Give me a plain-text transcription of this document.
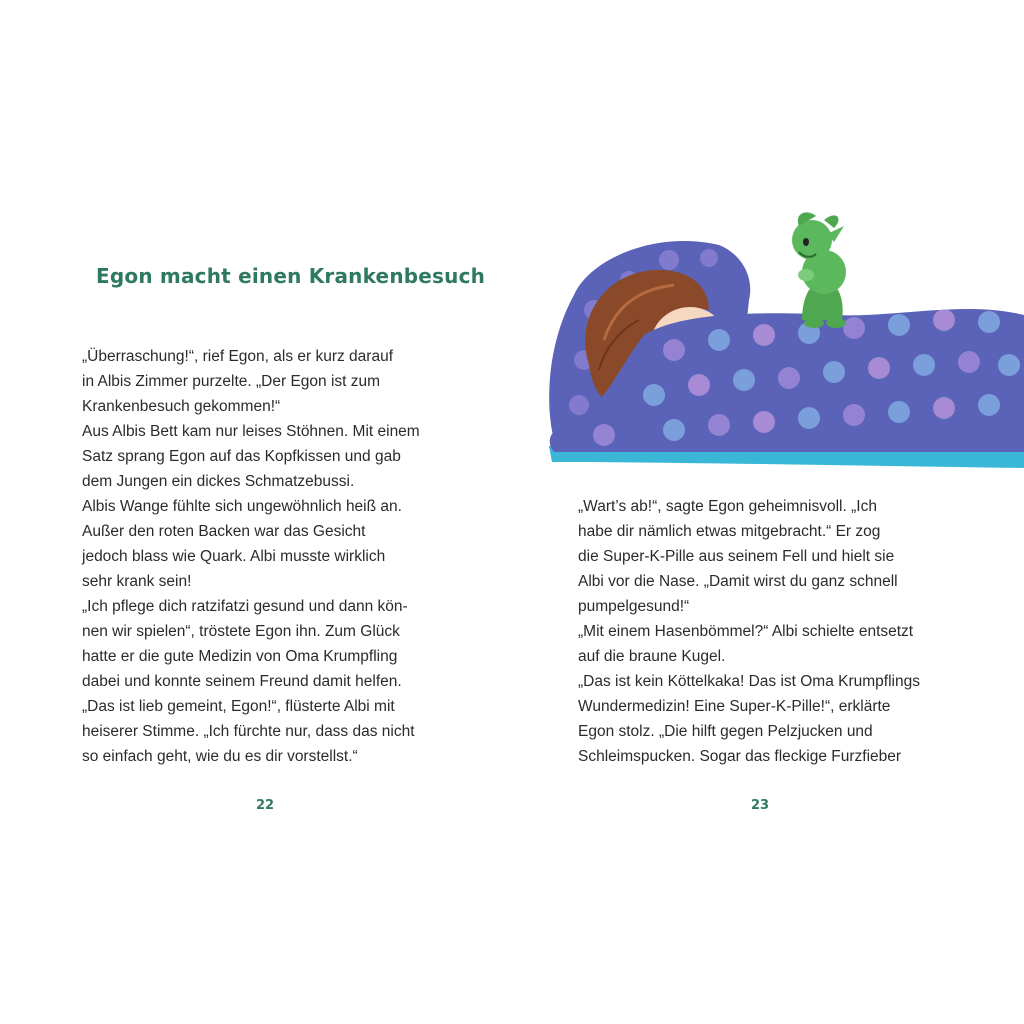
Egon macht einen Krankenbesuch
„Überraschung!“, rief Egon, als er kurz darauf
in Albis Zimmer purzelte. „Der Egon ist zum
Krankenbesuch gekommen!“
Aus Albis Bett kam nur leises Stöhnen. Mit einem
Satz sprang Egon auf das Kopfkissen und gab
dem Jungen ein dickes Schmatzebussi.
Albis Wange fühlte sich ungewöhnlich heiß an.
Außer den roten Backen war das Gesicht
jedoch blass wie Quark. Albi musste wirklich
sehr krank sein!
„Ich pflege dich ratzifatzi gesund und dann kön-
nen wir spielen“, tröstete Egon ihn. Zum Glück
hatte er die gute Medizin von Oma Krumpfling
dabei und konnte seinem Freund damit helfen.
„Das ist lieb gemeint, Egon!“, flüsterte Albi mit
heiserer Stimme. „Ich fürchte nur, dass das nicht
so einfach geht, wie du es dir vorstellst.“
22
„Wart’s ab!“, sagte Egon geheimnisvoll. „Ich
habe dir nämlich etwas mitgebracht.“ Er zog
die Super-K-Pille aus seinem Fell und hielt sie
Albi vor die Nase. „Damit wirst du ganz schnell
pumpelgesund!“
„Mit einem Hasenbömmel?“ Albi schielte entsetzt
auf die braune Kugel.
„Das ist kein Köttelkaka! Das ist Oma Krumpflings
Wundermedizin! Eine Super-K-Pille!“, erklärte
Egon stolz. „Die hilft gegen Pelzjucken und
Schleimspucken. Sogar das fleckige Furzfieber
23
